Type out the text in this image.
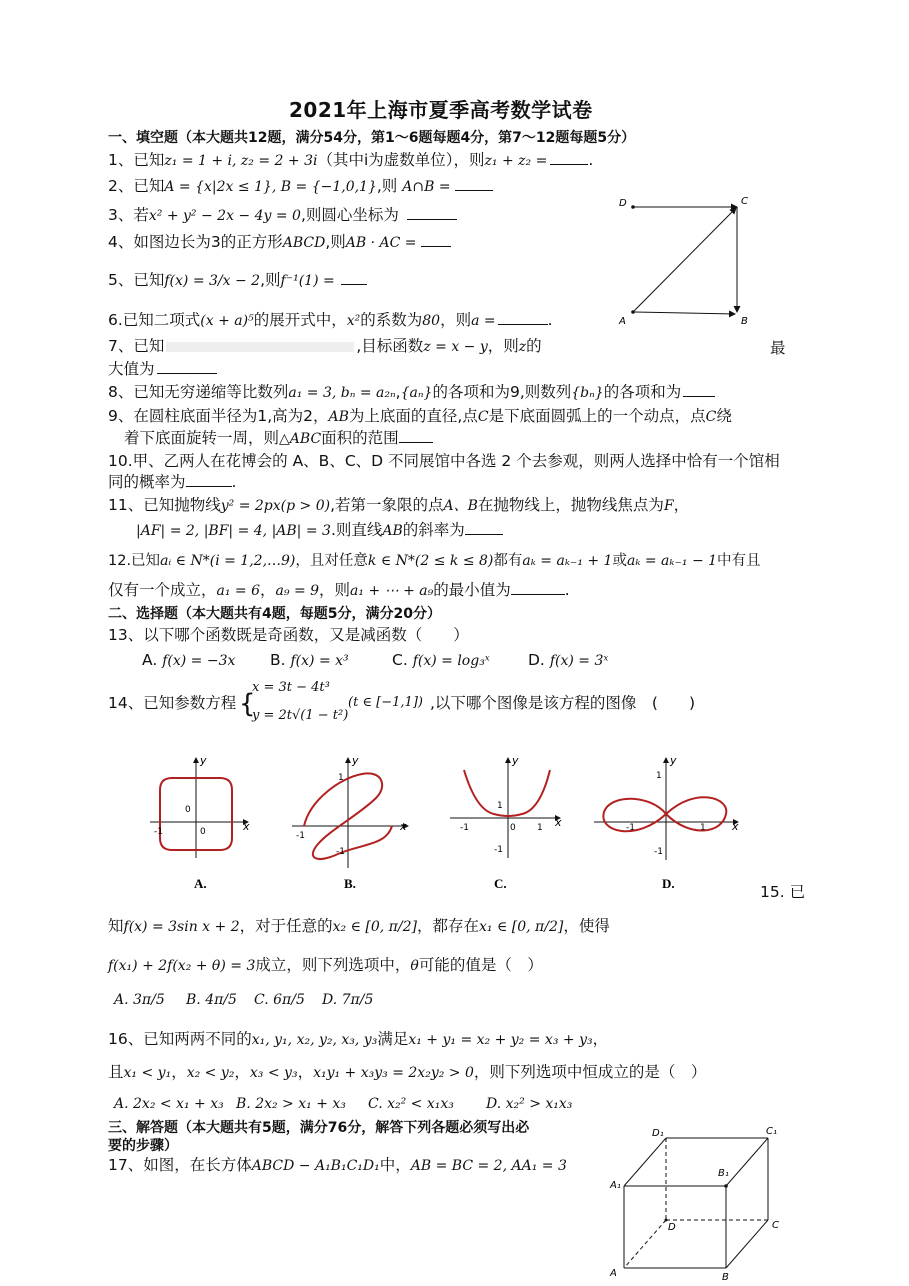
2021年上海市夏季高考数学试卷
一、填空题（本大题共12题，满分54分，第1～6题每题4分，第7～12题每题5分）
1、已知z₁ = 1 + i, z₂ = 2 + 3i（其中i为虚数单位），则z₁ + z₂ =	.
2、已知A = {x|2x ≤ 1}, B = {−1,0,1},则 A∩B =
3、若x² + y² − 2x − 4y = 0,则圆心坐标为
4、如图边长为3的正方形ABCD,则AB · AC =
5、已知f(x) = 3/x − 2,则f⁻¹(1) =
6.已知二项式(x + a)⁵的展开式中，x²的系数为80，则a =	.
7、已知	,目标函数z = x − y，则z的	最
大值为
8、已知无穷递缩等比数列a₁ = 3, bₙ = a₂ₙ,{aₙ}的各项和为9,则数列{bₙ}的各项和为
9、在圆柱底面半径为1,高为2，AB为上底面的直径,点C是下底面圆弧上的一个动点，点C绕
着下底面旋转一周，则△ABC面积的范围
10.甲、乙两人在花博会的 A、B、C、D 不同展馆中各选 2 个去参观，则两人选择中恰有一个馆相
同的概率为	.
11、已知抛物线y² = 2px(p > 0),若第一象限的点A、B在抛物线上，抛物线焦点为F，
|AF| = 2, |BF| = 4, |AB| = 3.则直线AB的斜率为
12.已知aᵢ ∈ N*(i = 1,2,…9)，且对任意k ∈ N*(2 ≤ k ≤ 8)都有aₖ = aₖ₋₁ + 1或aₖ = aₖ₋₁ − 1中有且
仅有一个成立，a₁ = 6，a₉ = 9，则a₁ + ⋯ + a₉的最小值为	.
二、选择题（本大题共有4题，每题5分，满分20分）
13、以下哪个函数既是奇函数，又是减函数（　　）
A. f(x) = −3x B. f(x) = x³	C. f(x) = log₃ˣ D. f(x) = 3ˣ
14、已知参数方程 {
x = 3t − 4t³
y = 2t√(1 − t²)
(t ∈ [−1,1]) ,以下哪个图像是该方程的图像　(　　)
y
x
0
0
-1
A.
y
x
1
-1
-1
B.
y
x
1
0
-1	1
-1
C.
y
x
1
-1
-1	1
D.	15. 已
知f(x) = 3sin x + 2，对于任意的x₂ ∈ [0, π/2]，都存在x₁ ∈ [0, π/2]，使得
f(x₁) + 2f(x₂ + θ) = 3成立，则下列选项中，θ可能的值是（　）
A. 3π/5 B. 4π/5 C. 6π/5 D. 7π/5
16、已知两两不同的x₁, y₁, x₂, y₂, x₃, y₃满足x₁ + y₁ = x₂ + y₂ = x₃ + y₃，
且x₁ < y₁，x₂ < y₂，x₃ < y₃，x₁y₁ + x₃y₃ = 2x₂y₂ > 0，则下列选项中恒成立的是（　）
A. 2x₂ < x₁ + x₃ B. 2x₂ > x₁ + x₃ C. x₂² < x₁x₃ D. x₂² > x₁x₃
三、解答题（本大题共有5题，满分76分，解答下列各题必须写出必
要的步骤）
17、如图，在长方体ABCD − A₁B₁C₁D₁中，AB = BC = 2, AA₁ = 3
D	C
A	B
D₁	C₁
A₁
B₁
D	C
A	B
